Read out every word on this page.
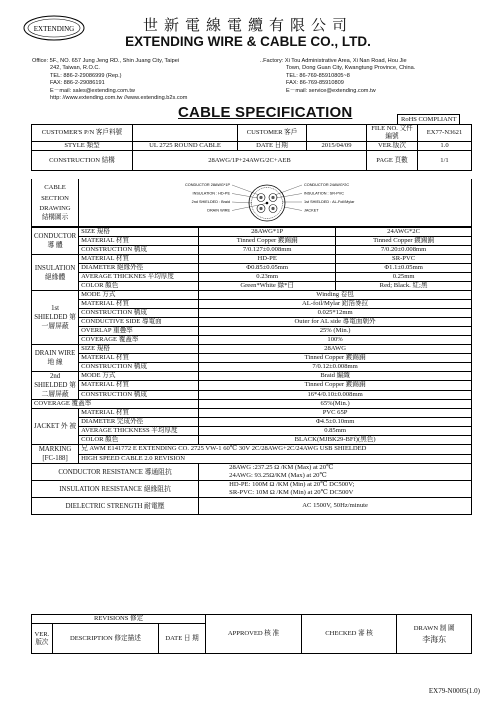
EXTENDING	世新電線電纜有限公司
EXTENDING WIRE & CABLE CO., LTD.
Office: 5F., NO. 657 Jung Jeng RD., Shin Juang City, Taipei
242, Taiwan, R.O.C.
TEL: 886-2-29086999 (Rep.)
FAX: 886-2-29086191
E－mail: sales@extending.com.tw
http: //www.extending.com.tw //www.extending.b2s.com
..Factory: Xi Tou Administrative Area, Xi Nan Road, Hou Jie
Town, Dong Guan City, Kwangtung Province, China.
TEL: 86-769-85910805~8
FAX: 86-769-85910809
E－mail: service@extending.com.tw
CABLE SPECIFICATION	RoHS COMPLIANT
CUSTOMER'S P/N 客戶料號		CUSTOMER 客戶		FILE NO. 文件編號	EX77-N3621
STYLE 類型	UL 2725 ROUND CABLE	DATE 日期	2015/04/09	VER.版次	1.0
CONSTRUCTION 結構	28AWG/1P+24AWG/2C+AEB			PAGE 頁數	1/1
CABLE
SECTION
DRAWING
結構圖示
CONDUCTOR 28AWG*1P
INSULATION : HD-PE
2nd SHIELDED : Braid
DRAIN WIRE
CONDUCTOR 24AWG*2C
INSULATION : SR-PVC
1st SHIELDED : AL-Foil/Mylar
JACKET
CONDUCTOR 導 體	SIZE 規格	28AWG*1P	24AWG*2C
	MATERIAL 材質	Tinned Copper 鍍錫銅	Tinned Copper 鍍錫銅
	CONSTRUCTION 構成	7/0.127±0.008mm	7/0.20±0.008mm
INSULATION 絕緣體	MATERIAL 材質	HD-PE	SR-PVC
	DIAMETER 絕緣外徑	Φ0.85±0.05mm	Φ1.1±0.05mm
	AVERAGE THICKNES 平均厚度	0.23mm	0.25mm
	COLOR 顏色	Green*White 綠*白	Red; Black. 紅;黑
1st SHIELDED 第一層屏蔽	MODE 方式	Winding 卷包	
	MATERIAL 材質	AL-foil/Mylar 鋁箔麥拉	
	CONSTRUCTION 構成	0.025*12mm	
	CONDUCTIVE SIDE 導電面	Outer for AL side 導電面朝外	
	OVERLAP 重疊率	25% (Min.)	
	COVERAGE 覆蓋率	100%	
DRAIN WIRE 地 線	SIZE 規格	28AWG	
	MATERIAL 材質	Tinned Copper 鍍錫銅	
	CONSTRUCTION 構成	7/0.12±0.008mm	
2nd SHIELDED 第二層屏蔽	MODE 方式	Braid 編織	
	MATERIAL 材質	Tinned Copper 鍍錫銅	
	CONSTRUCTION 構成	16*4/0.10±0.008mm	
COVERAGE 覆蓋率		65%(Min.)	
JACKET 外 被	MATERIAL 材質	PVC 65P	
	DIAMETER 完成外徑	Φ4.5±0.10mm	
	AVERAGE THICKNESS 平均厚度	0.85mm	
	COLOR 顏色	BLACK(MJBK29-BFf)(黑色)	
MARKING [FC-188]	兄 AWM E141772 E EXTENDING CO. 2725 VW-1 60℃ 30V 2C/28AWG+2C/24AWG USB SHIELDED		
	HIGH SPEED CABLE 2.0 REVISION		
CONDUCTOR RESISTANCE 導通阻抗		28AWG :237.25 Ω /KM (Max) at 20℃
24AWG: 93.25Ω/KM (Max) at 20℃	

INSULATION RESISTANCE 絕緣阻抗		HD-PE: 100M Ω /KM (Min) at 20℃ DC500V;
SR-PVC: 10M Ω /KM (Min) at 20℃ DC500V	

DIELECTRIC STRENGTH 耐電壓		AC 1500V, 50Hz/minute	
REVISIONS 修定			APPROVED 核 准	CHECKED 審 核	DRAWN 制 圖
李海东

VER. 版次	DESCRIPTION 修定描述	DATE 日 期			
EX79-N0005(1.0)
